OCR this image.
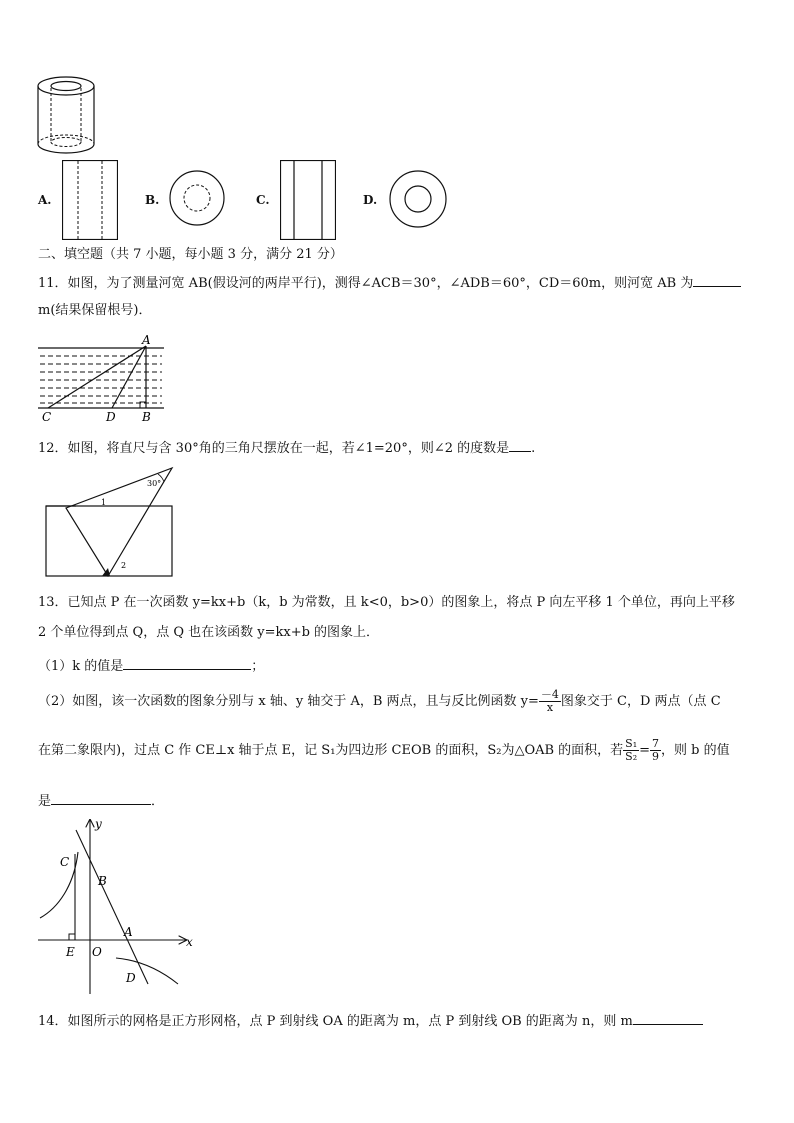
A.	B.	C.	D.
二、填空题（共 7 小题，每小题 3 分，满分 21 分）
11．如图，为了测量河宽 AB(假设河的两岸平行)，测得∠ACB＝30°，∠ADB＝60°，CD＝60m，则河宽 AB 为
m(结果保留根号)．
A
C	D B
12．如图，将直尺与含 30°角的三角尺摆放在一起，若∠1=20°，则∠2 的度数是 .
30°
1
2
13．已知点 P 在一次函数 y=kx+b（k，b 为常数，且 k<0，b>0）的图象上，将点 P 向左平移 1 个单位，再向上平移
2 个单位得到点 Q，点 Q 也在该函数 y=kx+b 的图象上．
（1）k 的值是	；
（2）如图，该一次函数的图象分别与 x 轴、y 轴交于 A，B 两点，且与反比例函数 $y= \frac{-4}{x}$ 图象交于 C，D 两点（点 C
在第二象限内)，过点 C 作 CE⊥x 轴于点 E，记 S₁为四边形 CEOB 的面积，S₂为△OAB 的面积，若 $\frac{\text{S₁}}{\text{S₂}} = \frac{7}{9}$ ，则 b 的值
是	．
y
x
C
B
A
E O
D
14．如图所示的网格是正方形网格，点 P 到射线 OA 的距离为 m，点 P 到射线 OB 的距离为 n，则 m
